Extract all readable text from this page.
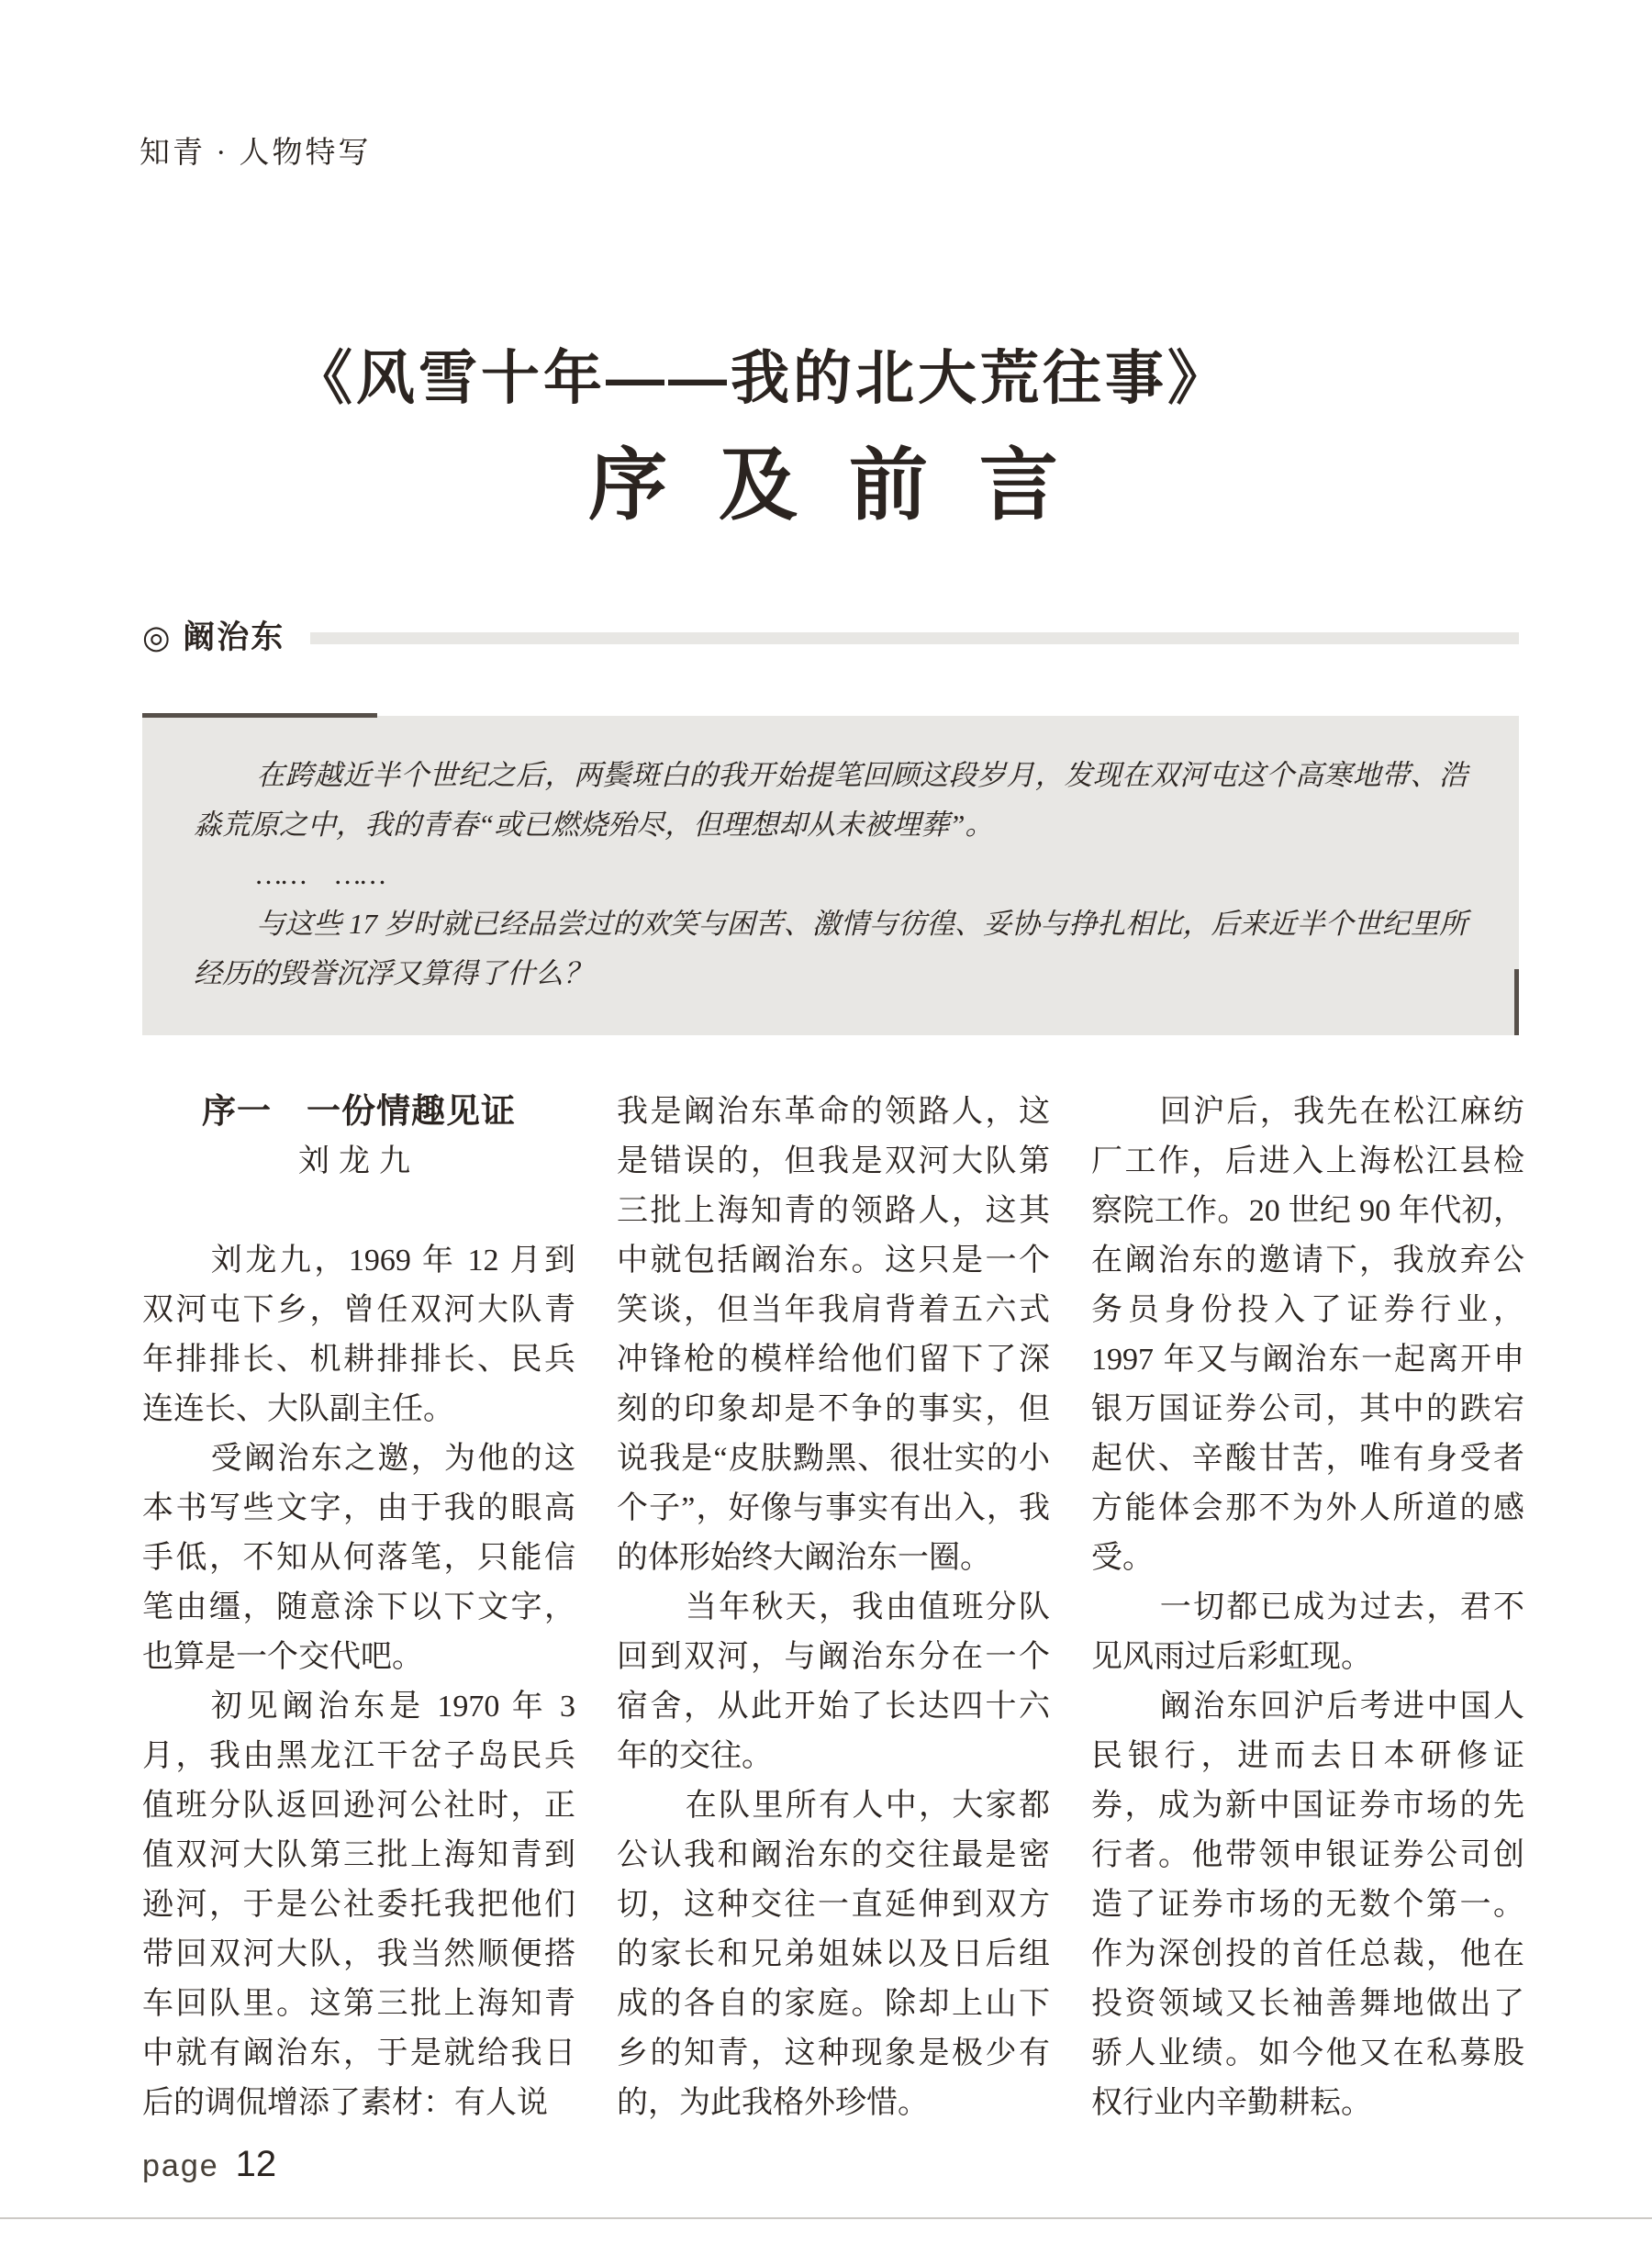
知青 · 人物特写
《风雪十年——我的北大荒往事》
序 及 前 言
◎ 阚治东

在跨越近半个世纪之后，两鬓斑白的我开始提笔回顾这段岁月，发现在双河屯这个高寒地带、浩淼荒原之中，我的青春“或已燃烧殆尽，但理想却从未被埋葬”。

……　……

与这些 17 岁时就已经品尝过的欢笑与困苦、激情与彷徨、妥协与挣扎相比，后来近半个世纪里所经历的毁誉沉浮又算得了什么？

序一　一份情趣见证
刘龙九

刘龙九，1969 年 12 月到双河屯下乡，曾任双河大队青年排排长、机耕排排长、民兵连连长、大队副主任。

受阚治东之邀，为他的这本书写些文字，由于我的眼高手低，不知从何落笔，只能信笔由缰，随意涂下以下文字，也算是一个交代吧。

初见阚治东是 1970 年 3 月，我由黑龙江干岔子岛民兵值班分队返回逊河公社时，正值双河大队第三批上海知青到逊河，于是公社委托我把他们带回双河大队，我当然顺便搭车回队里。这第三批上海知青中就有阚治东，于是就给我日后的调侃增添了素材：有人说

我是阚治东革命的领路人，这是错误的，但我是双河大队第三批上海知青的领路人，这其中就包括阚治东。这只是一个笑谈，但当年我肩背着五六式冲锋枪的模样给他们留下了深刻的印象却是不争的事实，但说我是“皮肤黝黑、很壮实的小个子”，好像与事实有出入，我的体形始终大阚治东一圈。

当年秋天，我由值班分队回到双河，与阚治东分在一个宿舍，从此开始了长达四十六年的交往。

在队里所有人中，大家都公认我和阚治东的交往最是密切，这种交往一直延伸到双方的家长和兄弟姐妹以及日后组成的各自的家庭。除却上山下乡的知青，这种现象是极少有的，为此我格外珍惜。

回沪后，我先在松江麻纺厂工作，后进入上海松江县检察院工作。20 世纪 90 年代初，在阚治东的邀请下，我放弃公务员身份投入了证券行业，1997 年又与阚治东一起离开申银万国证券公司，其中的跌宕起伏、辛酸甘苦，唯有身受者方能体会那不为外人所道的感受。

一切都已成为过去，君不见风雨过后彩虹现。

阚治东回沪后考进中国人民银行，进而去日本研修证券，成为新中国证券市场的先行者。他带领申银证券公司创造了证券市场的无数个第一。作为深创投的首任总裁，他在投资领域又长袖善舞地做出了骄人业绩。如今他又在私募股权行业内辛勤耕耘。

page 12
